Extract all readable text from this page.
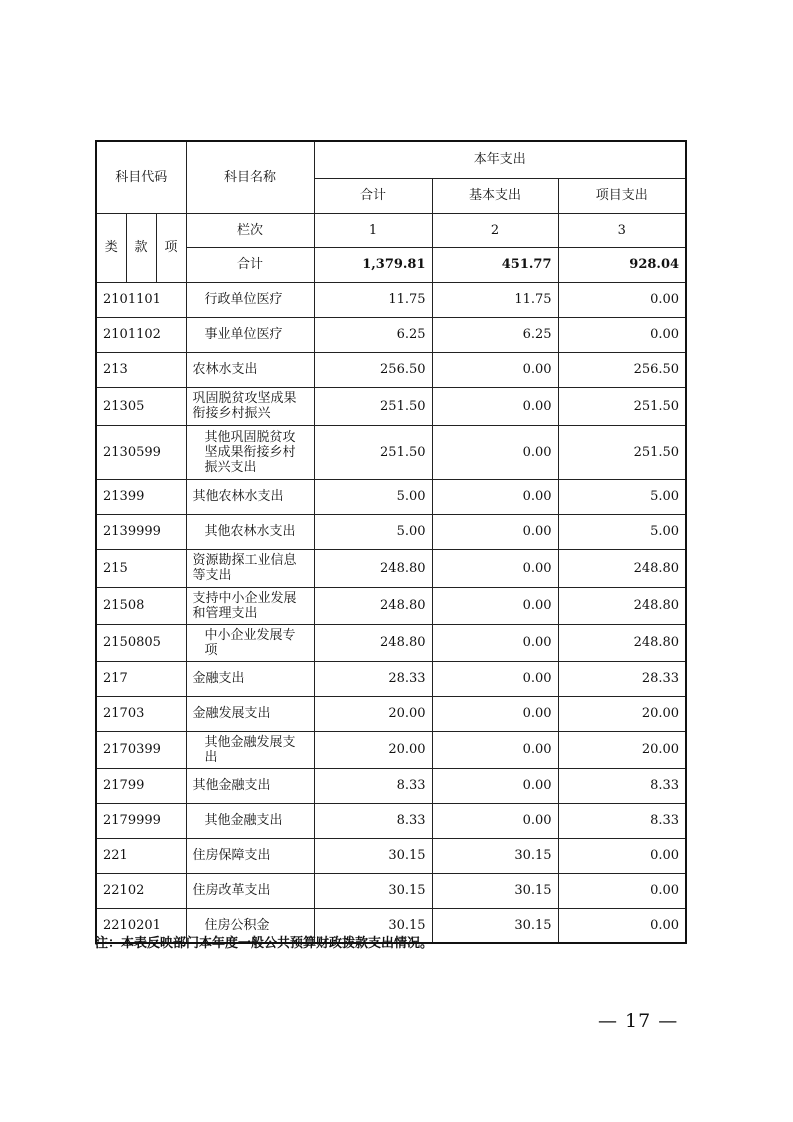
科目代码			科目名称	本年支出		
				合计	基本支出	项目支出
类	款	项	栏次	1	2	3
			合计	1,379.81	451.77	928.04
2101101			行政单位医疗	11.75	11.75	0.00
2101102			事业单位医疗	6.25	6.25	0.00
213			农林水支出	256.50	0.00	256.50
21305			巩固脱贫攻坚成果衔接乡村振兴	251.50	0.00	251.50
2130599			其他巩固脱贫攻坚成果衔接乡村振兴支出	251.50	0.00	251.50
21399			其他农林水支出	5.00	0.00	5.00
2139999			其他农林水支出	5.00	0.00	5.00
215			资源勘探工业信息等支出	248.80	0.00	248.80
21508			支持中小企业发展和管理支出	248.80	0.00	248.80
2150805			中小企业发展专项	248.80	0.00	248.80
217			金融支出	28.33	0.00	28.33
21703			金融发展支出	20.00	0.00	20.00
2170399			其他金融发展支出	20.00	0.00	20.00
21799			其他金融支出	8.33	0.00	8.33
2179999			其他金融支出	8.33	0.00	8.33
221			住房保障支出	30.15	30.15	0.00
22102			住房改革支出	30.15	30.15	0.00
2210201			住房公积金	30.15	30.15	0.00
注：本表反映部门本年度一般公共预算财政拨款支出情况。
— 17 —
